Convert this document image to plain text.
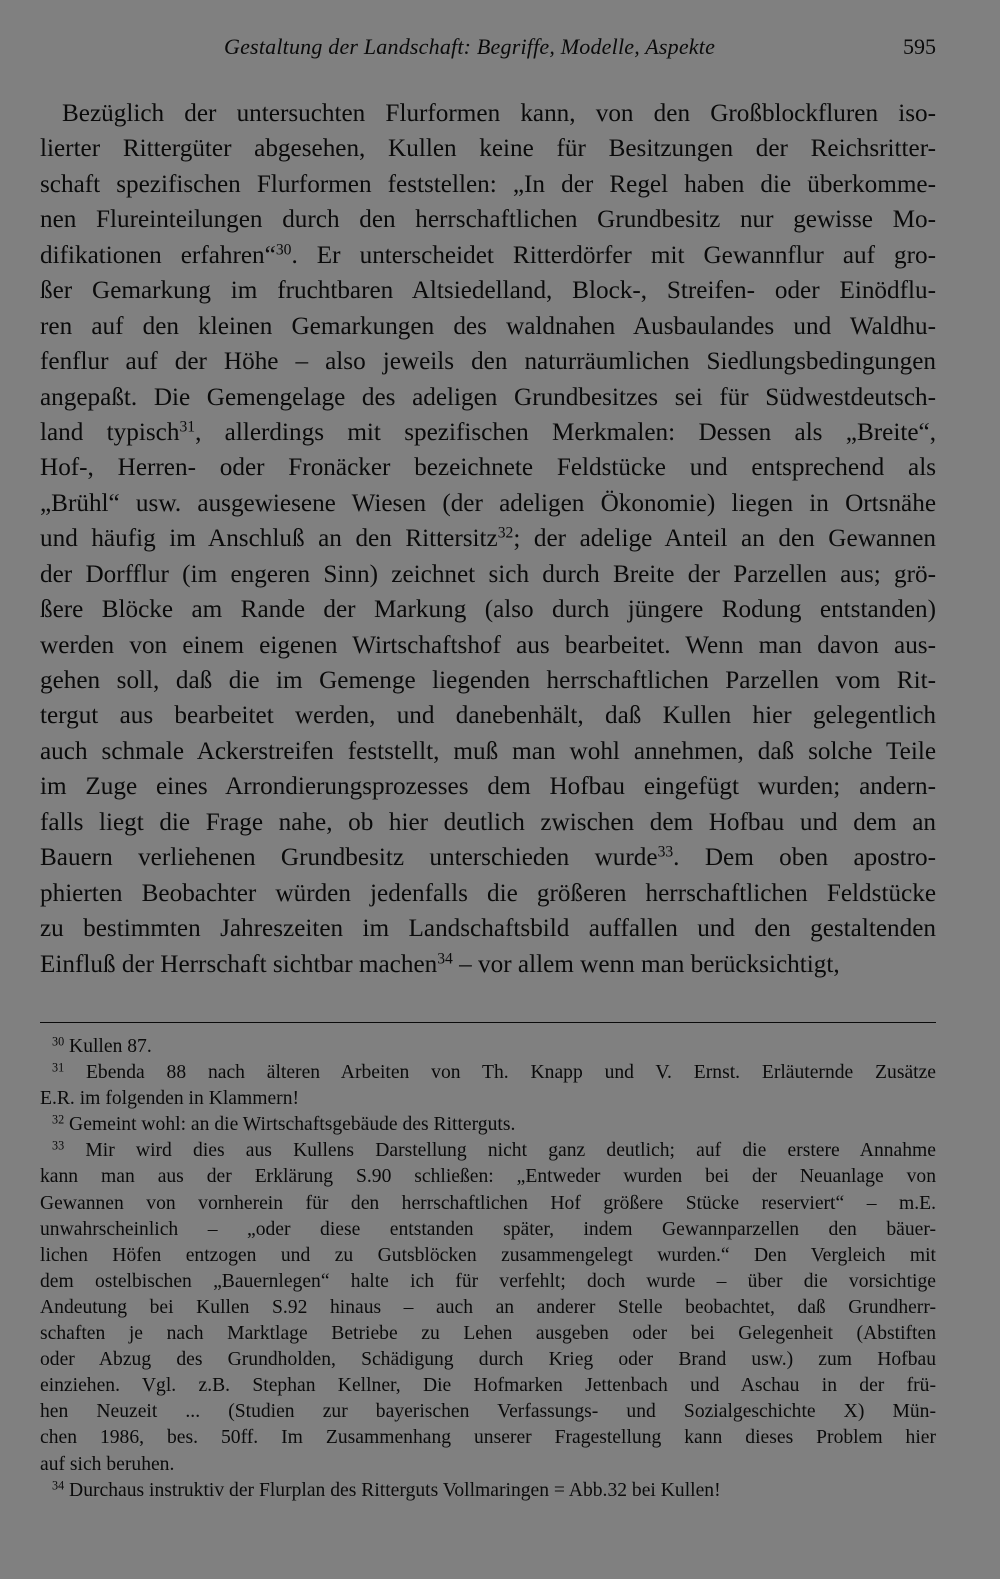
Gestaltung der Landschaft: Begriffe, Modelle, Aspekte	595
Bezüglich der untersuchten Flurformen kann, von den Großblockfluren iso-
lierter Rittergüter abgesehen, Kullen keine für Besitzungen der Reichsritter-
schaft spezifischen Flurformen feststellen: „In der Regel haben die überkomme-
nen Flureinteilungen durch den herrschaftlichen Grundbesitz nur gewisse Mo-
difikationen erfahren“$^{30}$. Er unterscheidet Ritterdörfer mit Gewannflur auf gro-
ßer Gemarkung im fruchtbaren Altsiedelland, Block-, Streifen- oder Einödflu-
ren auf den kleinen Gemarkungen des waldnahen Ausbaulandes und Waldhu-
fenflur auf der Höhe – also jeweils den naturräumlichen Siedlungsbedingungen
angepaßt. Die Gemengelage des adeligen Grundbesitzes sei für Südwestdeutsch-
land typisch$^{31}$, allerdings mit spezifischen Merkmalen: Dessen als „Breite“,
Hof-, Herren- oder Fronäcker bezeichnete Feldstücke und entsprechend als
„Brühl“ usw. ausgewiesene Wiesen (der adeligen Ökonomie) liegen in Ortsnähe
und häufig im Anschluß an den Rittersitz$^{32}$; der adelige Anteil an den Gewannen
der Dorfflur (im engeren Sinn) zeichnet sich durch Breite der Parzellen aus; grö-
ßere Blöcke am Rande der Markung (also durch jüngere Rodung entstanden)
werden von einem eigenen Wirtschaftshof aus bearbeitet. Wenn man davon aus-
gehen soll, daß die im Gemenge liegenden herrschaftlichen Parzellen vom Rit-
tergut aus bearbeitet werden, und danebenhält, daß Kullen hier gelegentlich
auch schmale Ackerstreifen feststellt, muß man wohl annehmen, daß solche Teile
im Zuge eines Arrondierungsprozesses dem Hofbau eingefügt wurden; andern-
falls liegt die Frage nahe, ob hier deutlich zwischen dem Hofbau und dem an
Bauern verliehenen Grundbesitz unterschieden wurde$^{33}$. Dem oben apostro-
phierten Beobachter würden jedenfalls die größeren herrschaftlichen Feldstücke
zu bestimmten Jahreszeiten im Landschaftsbild auffallen und den gestaltenden
Einfluß der Herrschaft sichtbar machen$^{34}$ – vor allem wenn man berücksichtigt,
$^{30}$ Kullen 87.
$^{31}$ Ebenda 88 nach älteren Arbeiten von Th. Knapp und V. Ernst. Erläuternde Zusätze
E.R. im folgenden in Klammern!
$^{32}$ Gemeint wohl: an die Wirtschaftsgebäude des Ritterguts.
$^{33}$ Mir wird dies aus Kullens Darstellung nicht ganz deutlich; auf die erstere Annahme
kann man aus der Erklärung S.90 schließen: „Entweder wurden bei der Neuanlage von
Gewannen von vornherein für den herrschaftlichen Hof größere Stücke reserviert“ – m.E.
unwahrscheinlich – „oder diese entstanden später, indem Gewannparzellen den bäuer-
lichen Höfen entzogen und zu Gutsblöcken zusammengelegt wurden.“ Den Vergleich mit
dem ostelbischen „Bauernlegen“ halte ich für verfehlt; doch wurde – über die vorsichtige
Andeutung bei Kullen S.92 hinaus – auch an anderer Stelle beobachtet, daß Grundherr-
schaften je nach Marktlage Betriebe zu Lehen ausgeben oder bei Gelegenheit (Abstiften
oder Abzug des Grundholden, Schädigung durch Krieg oder Brand usw.) zum Hofbau
einziehen. Vgl. z.B. Stephan Kellner, Die Hofmarken Jettenbach und Aschau in der frü-
hen Neuzeit ... (Studien zur bayerischen Verfassungs- und Sozialgeschichte X) Mün-
chen 1986, bes. 50ff. Im Zusammenhang unserer Fragestellung kann dieses Problem hier
auf sich beruhen.
$^{34}$ Durchaus instruktiv der Flurplan des Ritterguts Vollmaringen = Abb.32 bei Kullen!
